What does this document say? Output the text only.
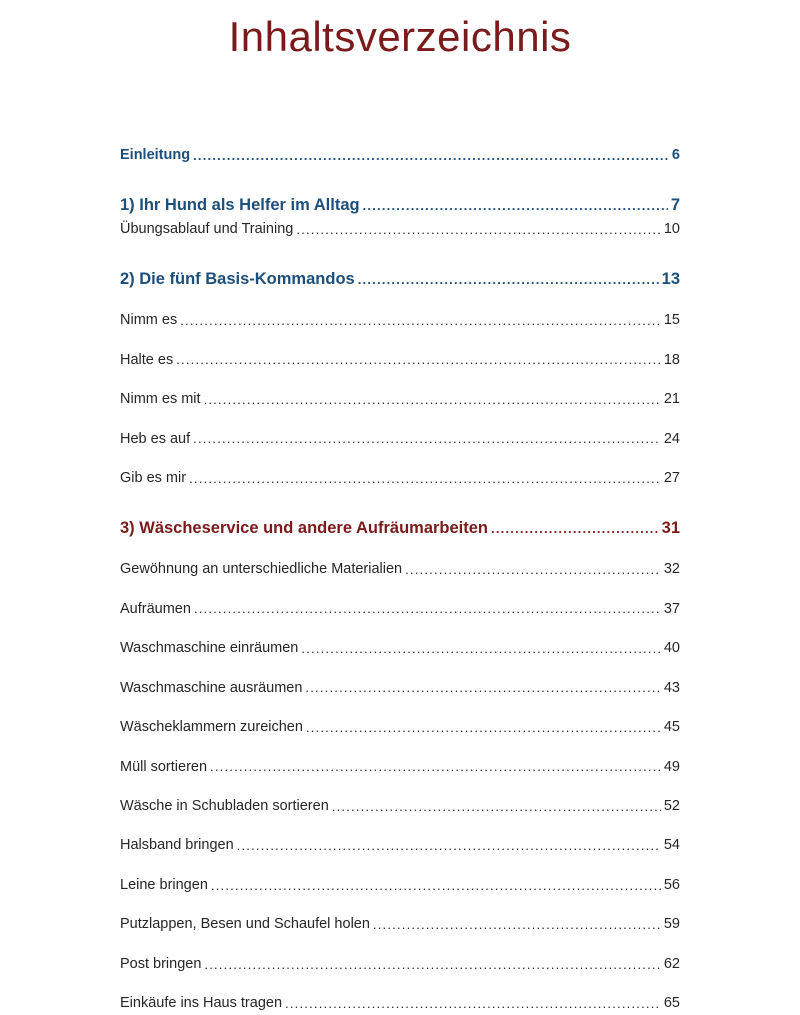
Inhaltsverzeichnis
Einleitung .....	6
1) Ihr Hund als Helfer im Alltag .....	7
Übungsablauf und Training .....	10
2) Die fünf Basis-Kommandos .....	13
Nimm es .....	15
Halte es .....	18
Nimm es mit .....	21
Heb es auf .....	24
Gib es mir .....	27
3) Wäscheservice und andere Aufräumarbeiten .....	31
Gewöhnung an unterschiedliche Materialien .....	32
Aufräumen .....	37
Waschmaschine einräumen .....	40
Waschmaschine ausräumen .....	43
Wäscheklammern zureichen .....	45
Müll sortieren .....	49
Wäsche in Schubladen sortieren .....	52
Halsband bringen .....	54
Leine bringen .....	56
Putzlappen, Besen und Schaufel holen .....	59
Post bringen .....	62
Einkäufe ins Haus tragen .....	65
